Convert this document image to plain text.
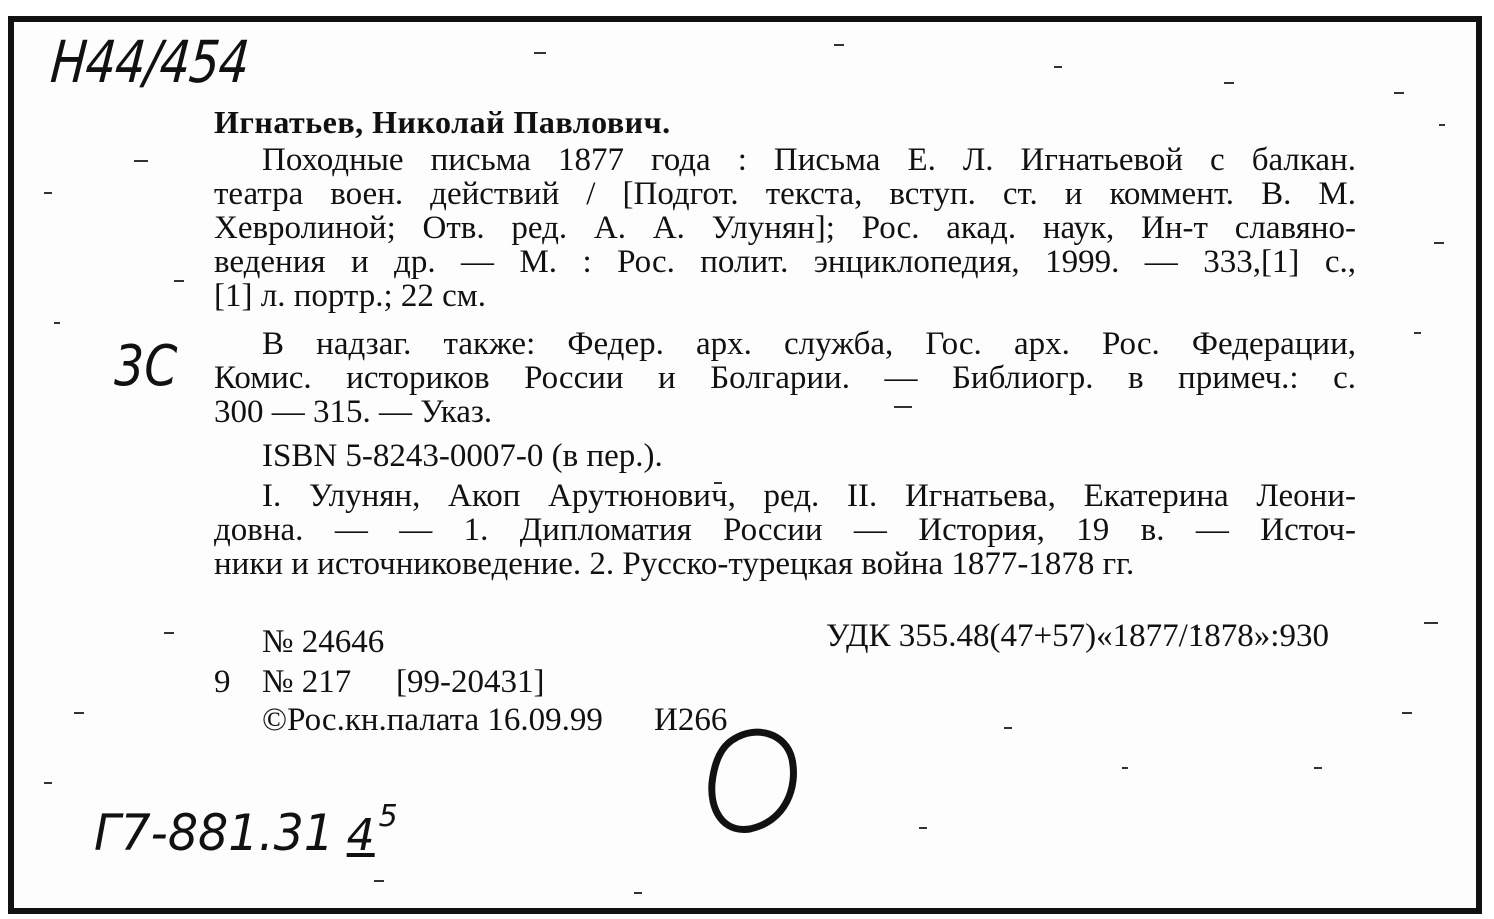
Н44/454
3С
Игнатьев, Николай Павлович.
Походные письма 1877 года : Письма Е. Л. Игнатьевой с балкан.
театра воен. действий / [Подгот. текста, вступ. ст. и коммент. В. М.
Хевролиной; Отв. ред. А. А. Улунян]; Рос. акад. наук, Ин-т славяно-
ведения и др. — М. : Рос. полит. энциклопедия, 1999. — 333,[1] с.,
[1] л. портр.; 22 см.
В надзаг. также: Федер. арх. служба, Гос. арх. Рос. Федерации,
Комис. историков России и Болгарии. — Библиогр. в примеч.: с.
300 — 315. — Указ.
ISBN 5-8243-0007-0 (в пер.).
I. Улунян, Акоп Арутюнович, ред. II. Игнатьева, Екатерина Леони-
довна. — — 1. Дипломатия России — История, 19 в. — Источ-
ники и источниковедение. 2. Русско-турецкая война 1877-1878 гг.
№ 24646	УДК 355.48(47+57)«1877/1878»:930
9 № 217 [99-20431]
©Рос.кн.палата 16.09.99 И266
Г7-881.31 4 5
